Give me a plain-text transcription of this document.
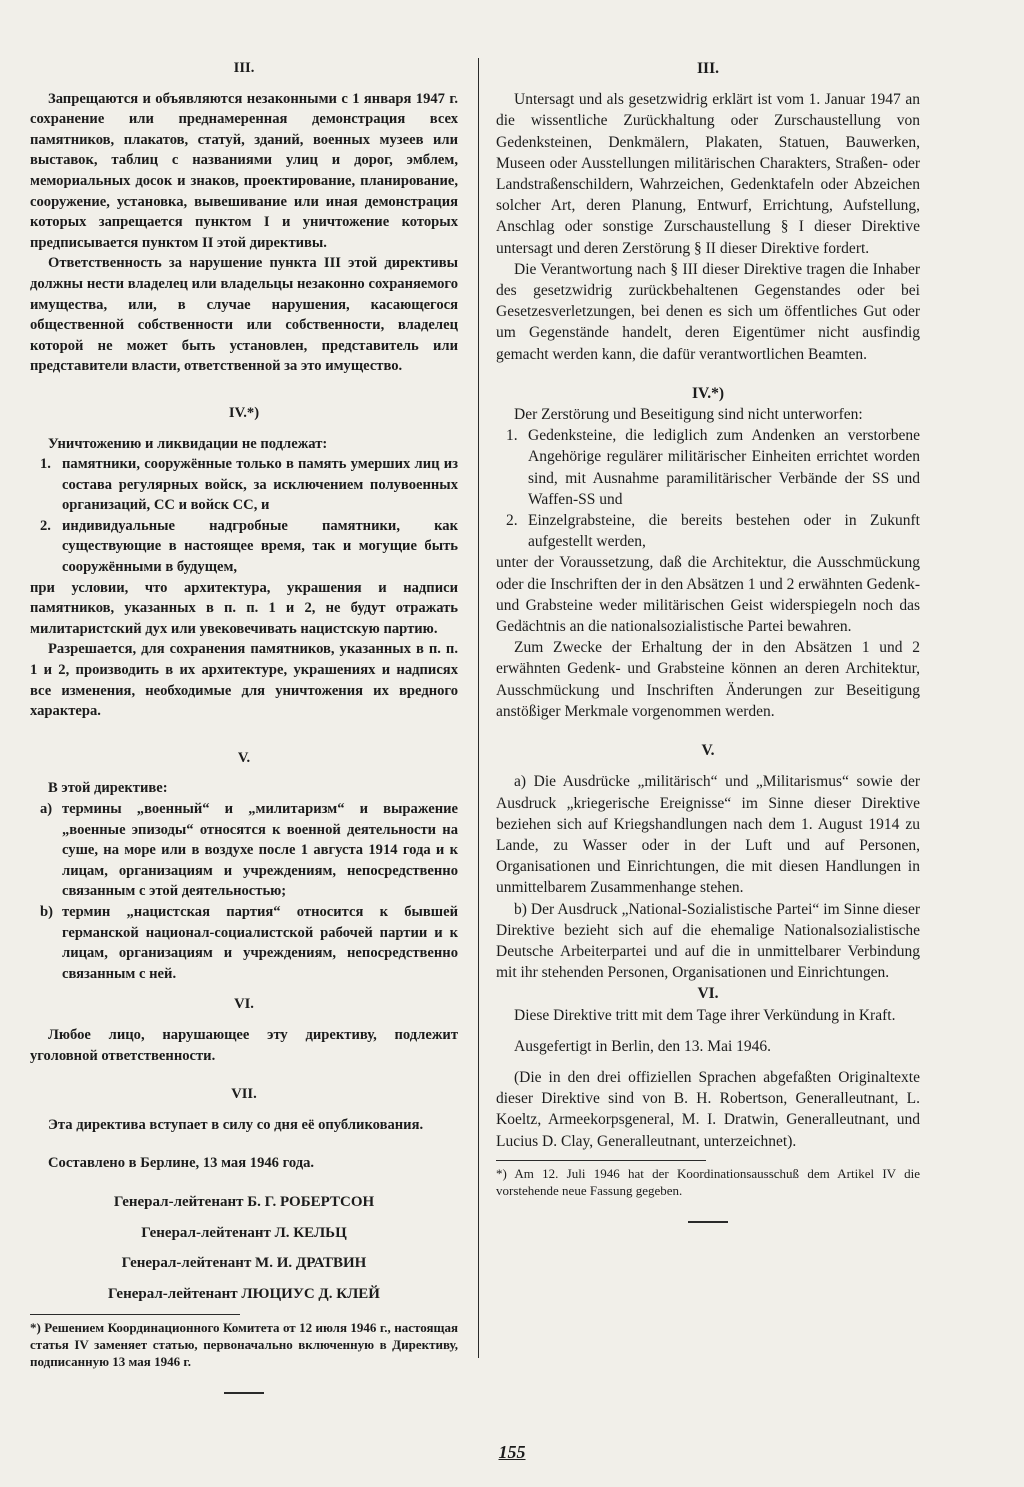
III.

Запрещаются и объявляются незаконными с 1 января 1947 г. сохранение или преднамеренная демонстрация всех памятников, плакатов, статуй, зданий, военных музеев или выставок, таблиц с названиями улиц и дорог, эмблем, мемориальных досок и знаков, проектирование, планирование, сооружение, установка, вывешивание или иная демонстрация которых запрещается пунктом I и уничтожение которых предписывается пунктом II этой директивы.

Ответственность за нарушение пункта III этой директивы должны нести владелец или владельцы незаконно сохраняемого имущества, или, в случае нарушения, касающегося общественной собственности или собственности, владелец которой не может быть установлен, представитель или представители власти, ответственной за это имущество.

IV.*)

Уничтожению и ликвидации не подлежат:

1. памятники, сооружённые только в память умерших лиц из состава регулярных войск, за исключением полувоенных организаций, СС и войск СС, и
2. индивидуальные надгробные памятники, как существующие в настоящее время, так и могущие быть сооружёнными в будущем,

при условии, что архитектура, украшения и надписи памятников, указанных в п. п. 1 и 2, не будут отражать милитаристский дух или увековечивать нацистскую партию.

Разрешается, для сохранения памятников, указанных в п. п. 1 и 2, производить в их архитектуре, украшениях и надписях все изменения, необходимые для уничтожения их вредного характера.

V.

В этой директиве:

a) термины „военный“ и „милитаризм“ и выражение „военные эпизоды“ относятся к военной деятельности на суше, на море или в воздухе после 1 августа 1914 года и к лицам, организациям и учреждениям, непосредственно связанным с этой деятельностью;
b) термин „нацистская партия“ относится к бывшей германской национал-социалистской рабочей партии и к лицам, организациям и учреждениям, непосредственно связанным с ней.

VI.

Любое лицо, нарушающее эту директиву, подлежит уголовной ответственности.

VII.

Эта директива вступает в силу со дня её опубликования.

Составлено в Берлине, 13 мая 1946 года.

Генерал-лейтенант Б. Г. РОБЕРТСОН

Генерал-лейтенант Л. КЕЛЬЦ

Генерал-лейтенант М. И. ДРАТВИН

Генерал-лейтенант ЛЮЦИУС Д. КЛЕЙ

*) Решением Координационного Комитета от 12 июля 1946 г., настоящая статья IV заменяет статью, первоначально включенную в Директиву, подписанную 13 мая 1946 г.

III.

Untersagt und als gesetzwidrig erklärt ist vom 1. Januar 1947 an die wissentliche Zurückhaltung oder Zurschaustellung von Gedenksteinen, Denkmälern, Plakaten, Statuen, Bauwerken, Museen oder Ausstellungen militärischen Charakters, Straßen- oder Landstraßenschildern, Wahrzeichen, Gedenktafeln oder Abzeichen solcher Art, deren Planung, Entwurf, Errichtung, Aufstellung, Anschlag oder sonstige Zurschaustellung § I dieser Direktive untersagt und deren Zerstörung § II dieser Direktive fordert.

Die Verantwortung nach § III dieser Direktive tragen die Inhaber des gesetzwidrig zurückbehaltenen Gegenstandes oder bei Gesetzesverletzungen, bei denen es sich um öffentliches Gut oder um Gegenstände handelt, deren Eigentümer nicht ausfindig gemacht werden kann, die dafür verantwortlichen Beamten.

IV.*)

Der Zerstörung und Beseitigung sind nicht unterworfen:

1. Gedenksteine, die lediglich zum Andenken an verstorbene Angehörige regulärer militärischer Einheiten errichtet worden sind, mit Ausnahme paramilitärischer Verbände der SS und Waffen-SS und
2. Einzelgrabsteine, die bereits bestehen oder in Zukunft aufgestellt werden,

unter der Voraussetzung, daß die Architektur, die Ausschmückung oder die Inschriften der in den Absätzen 1 und 2 erwähnten Gedenk- und Grabsteine weder militärischen Geist widerspiegeln noch das Gedächtnis an die nationalsozialistische Partei bewahren.

Zum Zwecke der Erhaltung der in den Absätzen 1 und 2 erwähnten Gedenk- und Grabsteine können an deren Architektur, Ausschmückung und Inschriften Änderungen zur Beseitigung anstößiger Merkmale vorgenommen werden.

V.

a) Die Ausdrücke „militärisch“ und „Militarismus“ sowie der Ausdruck „kriegerische Ereignisse“ im Sinne dieser Direktive beziehen sich auf Kriegshandlungen nach dem 1. August 1914 zu Lande, zu Wasser oder in der Luft und auf Personen, Organisationen und Einrichtungen, die mit diesen Handlungen in unmittelbarem Zusammenhange stehen.

b) Der Ausdruck „National-Sozialistische Partei“ im Sinne dieser Direktive bezieht sich auf die ehemalige Nationalsozialistische Deutsche Arbeiterpartei und auf die in unmittelbarer Verbindung mit ihr stehenden Personen, Organisationen und Einrichtungen.

VI.

Diese Direktive tritt mit dem Tage ihrer Verkündung in Kraft.

Ausgefertigt in Berlin, den 13. Mai 1946.

(Die in den drei offiziellen Sprachen abgefaßten Originaltexte dieser Direktive sind von B. H. Robertson, Generalleutnant, L. Koeltz, Armeekorpsgeneral, M. I. Dratwin, Generalleutnant, und Lucius D. Clay, Generalleutnant, unterzeichnet).

*) Am 12. Juli 1946 hat der Koordinationsausschuß dem Artikel IV die vorstehende neue Fassung gegeben.

155
